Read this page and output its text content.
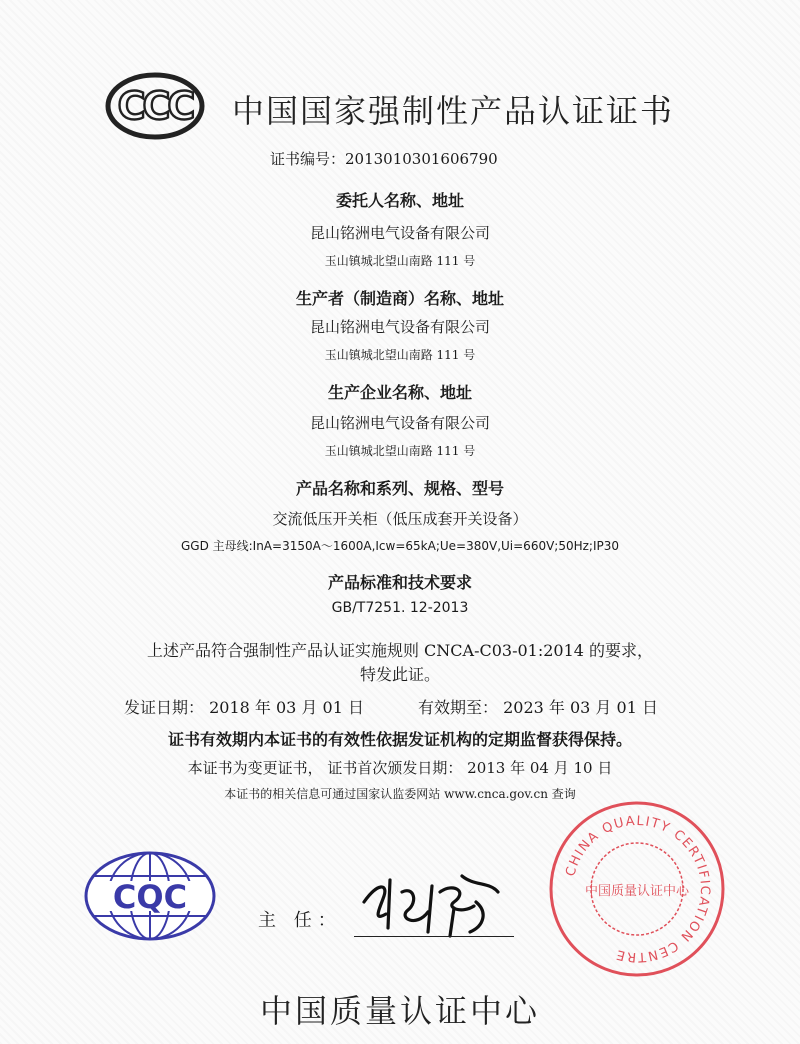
CCC 中国国家强制性产品认证证书
证书编号：2013010301606790
委托人名称、地址
昆山铭洲电气设备有限公司
玉山镇城北望山南路 111 号
生产者（制造商）名称、地址
昆山铭洲电气设备有限公司
玉山镇城北望山南路 111 号
生产企业名称、地址
昆山铭洲电气设备有限公司
玉山镇城北望山南路 111 号
产品名称和系列、规格、型号
交流低压开关柜（低压成套开关设备）
GGD 主母线:InA=3150A～1600A,Icw=65kA;Ue=380V,Ui=660V;50Hz;IP30
产品标准和技术要求
GB/T7251. 12-2013
上述产品符合强制性产品认证实施规则 CNCA-C03-01:2014 的要求，
特发此证。
发证日期： 2018 年 03 月 01 日	有效期至： 2023 年 03 月 01 日
证书有效期内本证书的有效性依据发证机构的定期监督获得保持。
本证书为变更证书， 证书首次颁发日期： 2013 年 04 月 10 日
本证书的相关信息可通过国家认监委网站 www.cnca.gov.cn 查询
CQC
主 任：
CHINA QUALITY CERTIFICATION CENTRE
中国质量认证中心
中国质量认证中心
